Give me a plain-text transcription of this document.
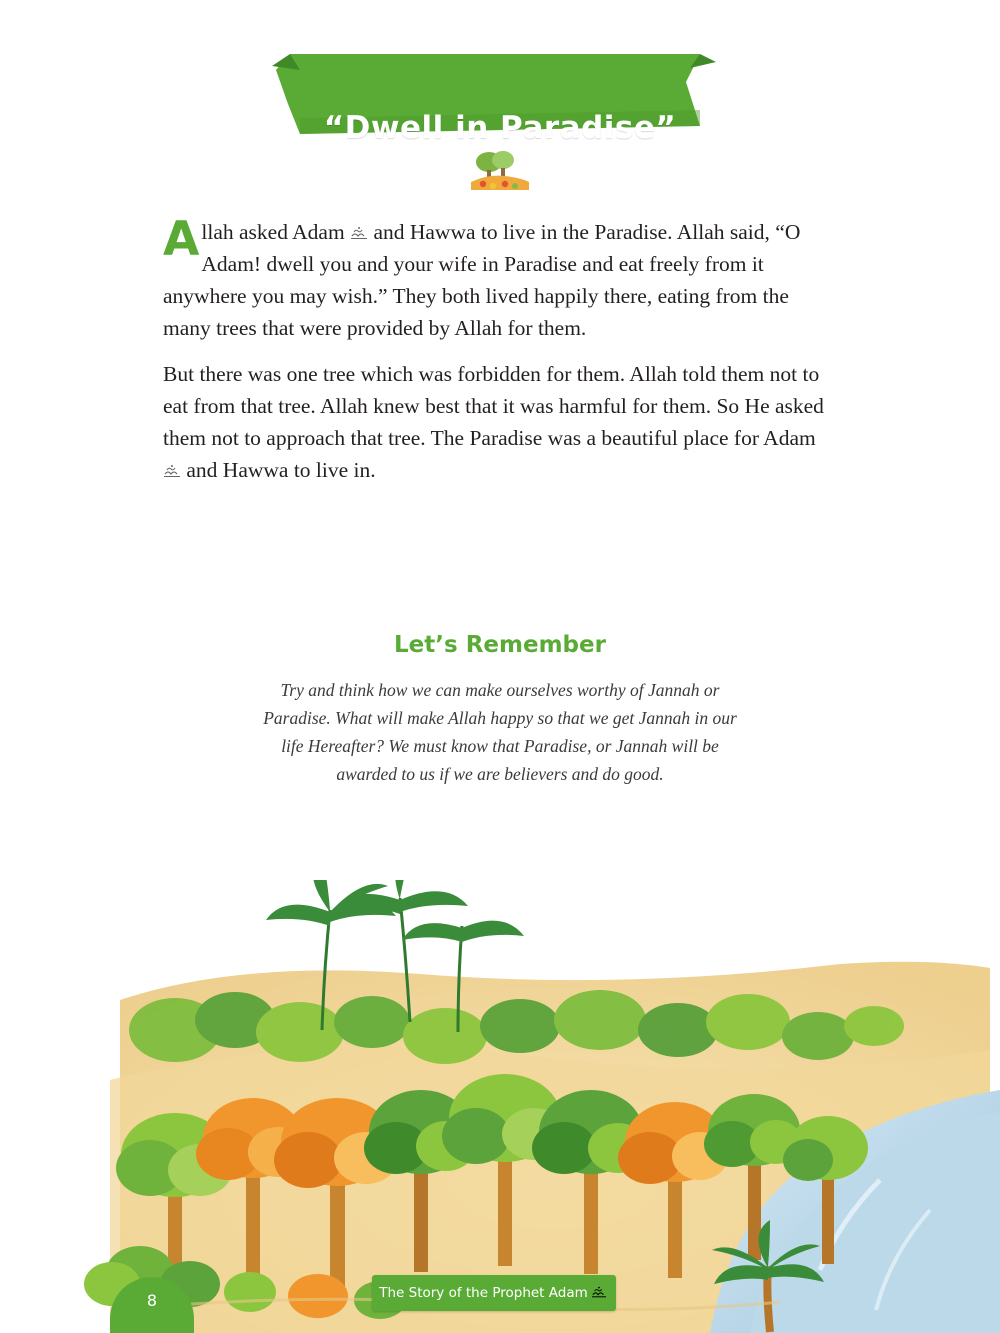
“Dwell in Paradise”

Allah asked Adam
and Hawwa to live in the Paradise. Allah said, “O Adam! dwell you and your wife in Paradise and eat freely from it anywhere you may wish.” They both lived happily there, eating from the many trees that were provided by Allah for them.

But there was one tree which was forbidden for them. Allah told them not to eat from that tree. Allah knew best that it was harmful for them. So He asked them not to approach that tree. The Paradise was a beautiful place for Adam
and Hawwa to live in.

Let’s Remember
Try and think how we can make ourselves worthy of Jannah or Paradise. What will make Allah happy so that we get Jannah in our life Hereafter? We must know that Paradise, or Jannah will be awarded to us if we are believers and do good.
8	The Story of the Prophet Adam
